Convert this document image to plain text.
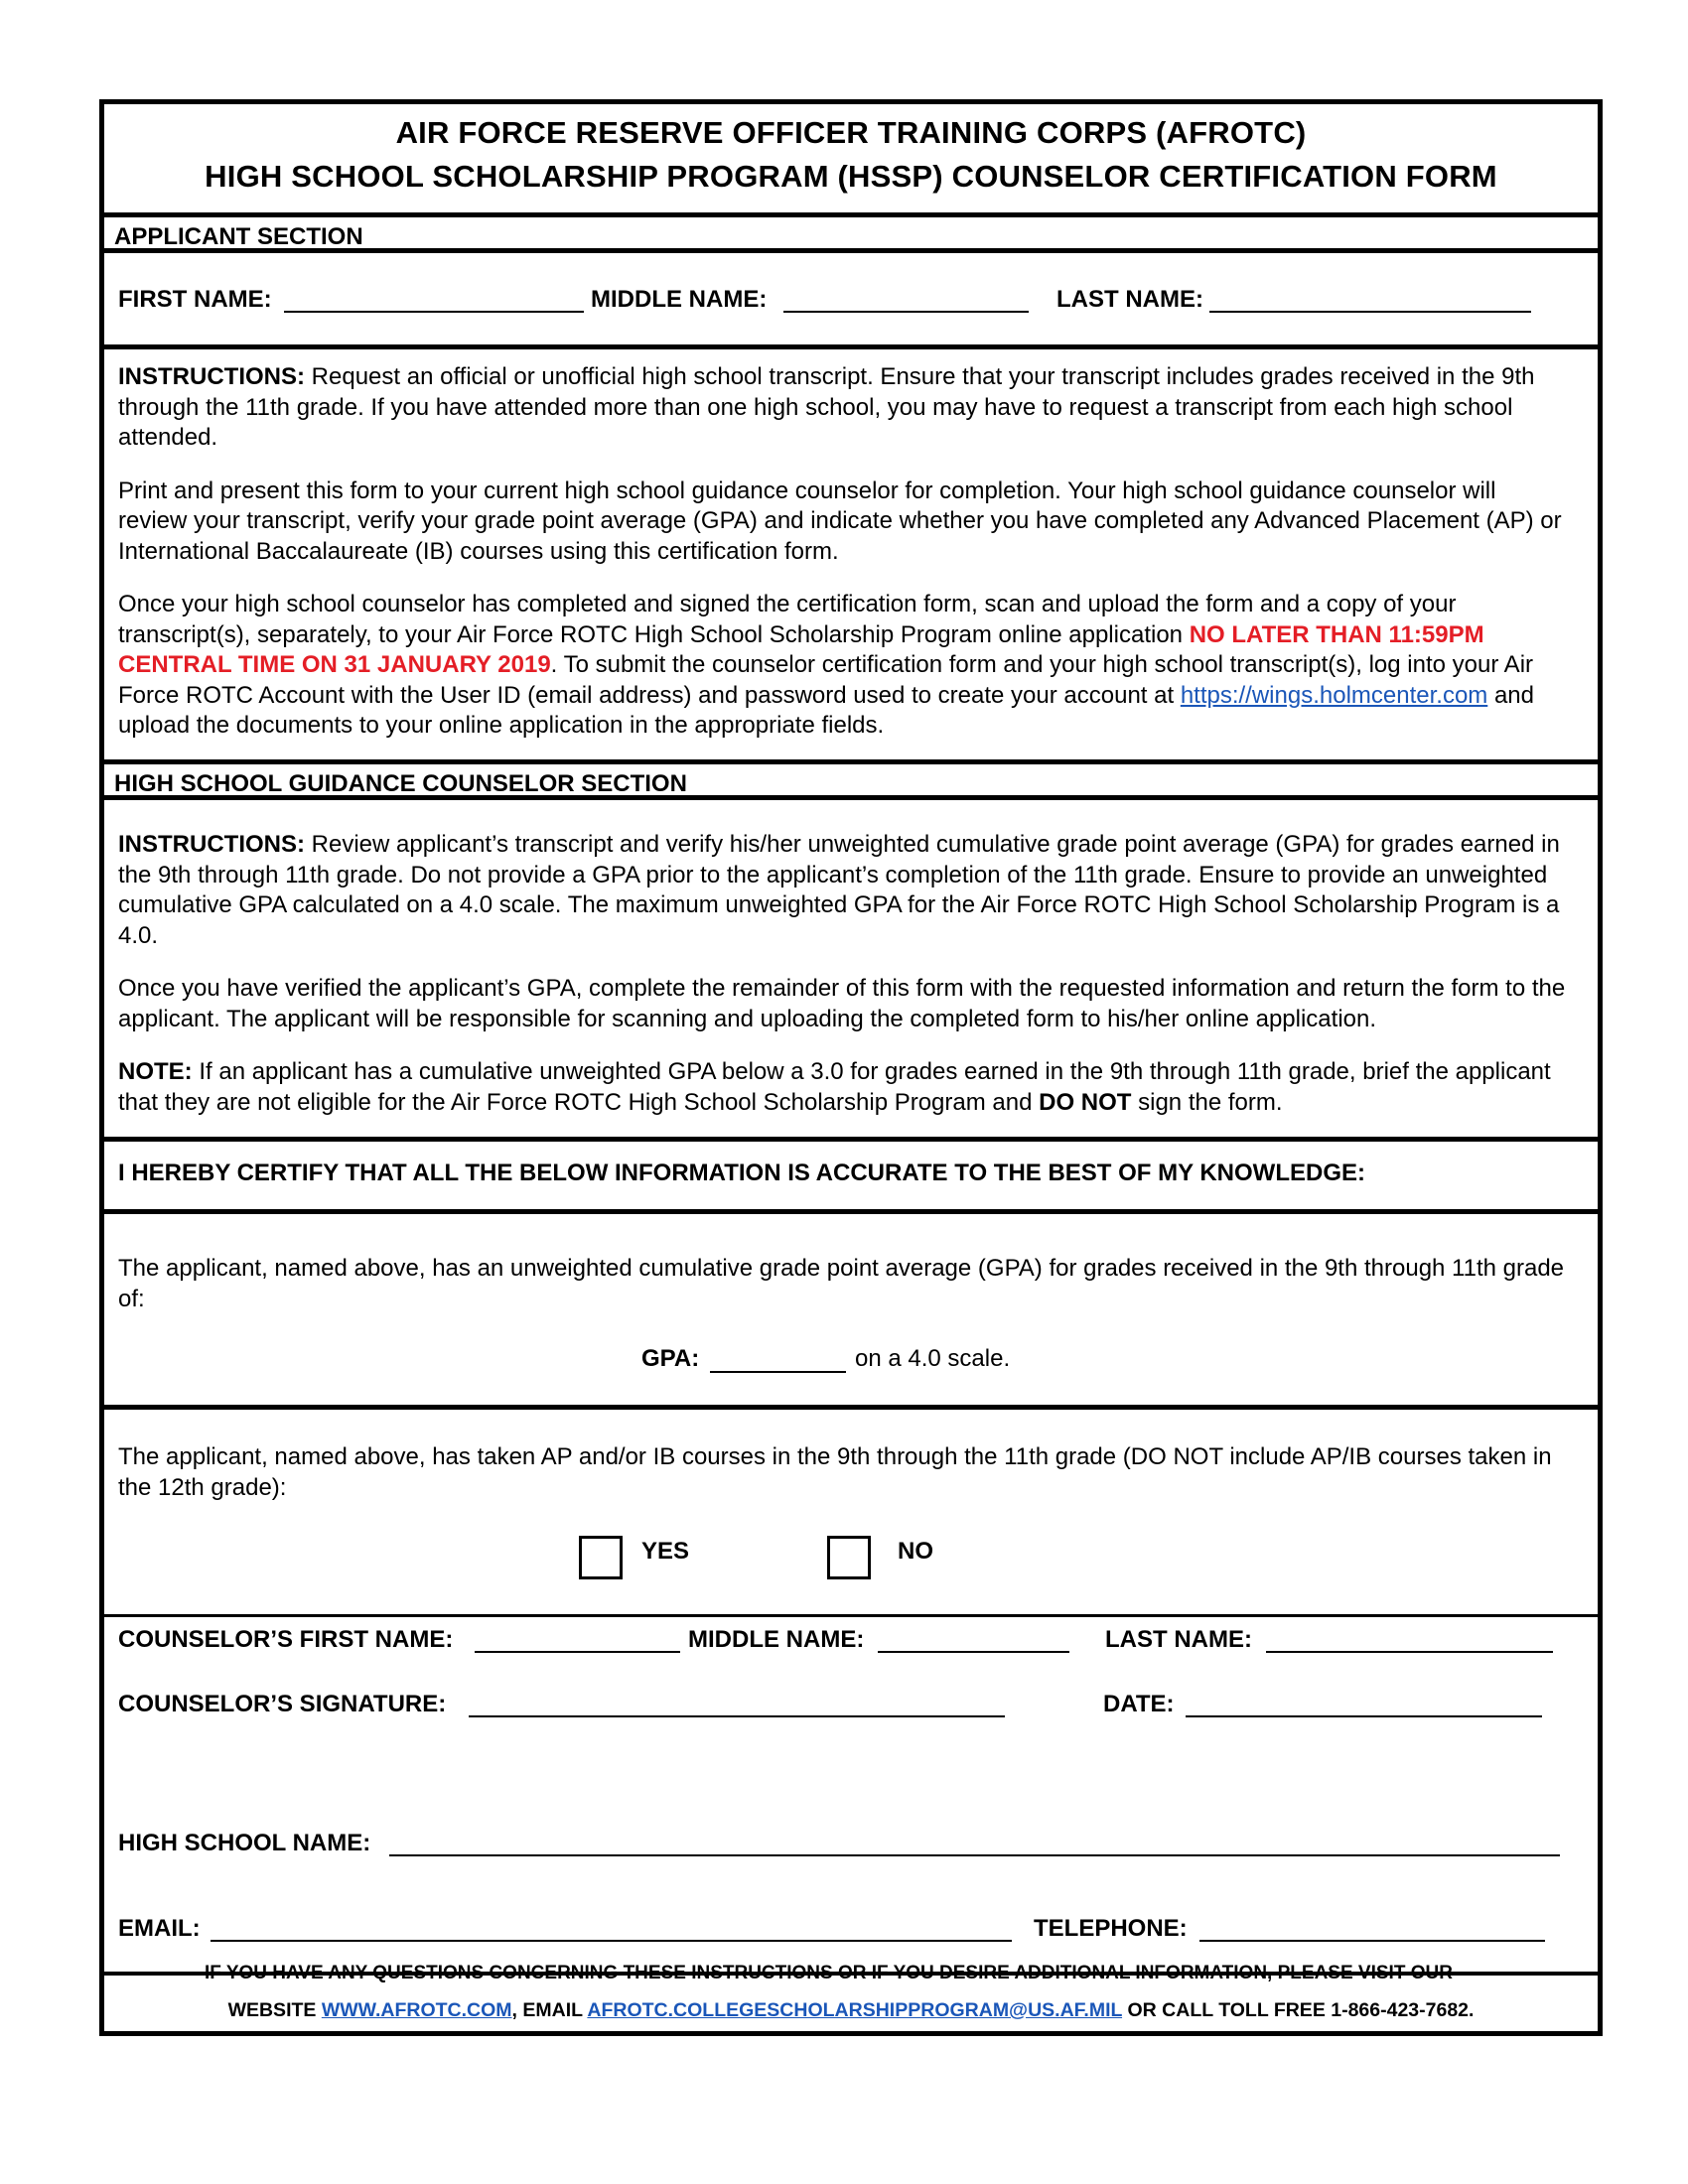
AIR FORCE RESERVE OFFICER TRAINING CORPS (AFROTC)
HIGH SCHOOL SCHOLARSHIP PROGRAM (HSSP) COUNSELOR CERTIFICATION FORM
APPLICANT SECTION
FIRST NAME:	MIDDLE NAME:	LAST NAME:

INSTRUCTIONS: Request an official or unofficial high school transcript. Ensure that your transcript includes grades received in the 9th through the 11th grade. If you have attended more than one high school, you may have to request a transcript from each high school attended.

Print and present this form to your current high school guidance counselor for completion. Your high school guidance counselor will review your transcript, verify your grade point average (GPA) and indicate whether you have completed any Advanced Placement (AP) or International Baccalaureate (IB) courses using this certification form.

Once your high school counselor has completed and signed the certification form, scan and upload the form and a copy of your transcript(s), separately, to your Air Force ROTC High School Scholarship Program online application NO LATER THAN 11:59PM CENTRAL TIME ON 31 JANUARY 2019. To submit the counselor certification form and your high school transcript(s), log into your Air Force ROTC Account with the User ID (email address) and password used to create your account at https://wings.holmcenter.com and upload the documents to your online application in the appropriate fields.

HIGH SCHOOL GUIDANCE COUNSELOR SECTION

INSTRUCTIONS: Review applicant’s transcript and verify his/her unweighted cumulative grade point average (GPA) for grades earned in the 9th through 11th grade. Do not provide a GPA prior to the applicant’s completion of the 11th grade. Ensure to provide an unweighted cumulative GPA calculated on a 4.0 scale. The maximum unweighted GPA for the Air Force ROTC High School Scholarship Program is a 4.0.

Once you have verified the applicant’s GPA, complete the remainder of this form with the requested information and return the form to the applicant. The applicant will be responsible for scanning and uploading the completed form to his/her online application.

NOTE: If an applicant has a cumulative unweighted GPA below a 3.0 for grades earned in the 9th through 11th grade, brief the applicant that they are not eligible for the Air Force ROTC High School Scholarship Program and DO NOT sign the form.

I HEREBY CERTIFY THAT ALL THE BELOW INFORMATION IS ACCURATE TO THE BEST OF MY KNOWLEDGE:

The applicant, named above, has an unweighted cumulative grade point average (GPA) for grades received in the 9th through 11th grade of:

GPA:	on a 4.0 scale.

The applicant, named above, has taken AP and/or IB courses in the 9th through the 11th grade (DO NOT include AP/IB courses taken in the 12th grade):

YES	NO
COUNSELOR’S FIRST NAME:	MIDDLE NAME:	LAST NAME:
COUNSELOR’S SIGNATURE:	DATE:
HIGH SCHOOL NAME:
EMAIL:	TELEPHONE:
IF YOU HAVE ANY QUESTIONS CONCERNING THESE INSTRUCTIONS OR IF YOU DESIRE ADDITIONAL INFORMATION, PLEASE VISIT OUR
WEBSITE WWW.AFROTC.COM, EMAIL AFROTC.COLLEGESCHOLARSHIPPROGRAM@US.AF.MIL OR CALL TOLL FREE 1-866-423-7682.
